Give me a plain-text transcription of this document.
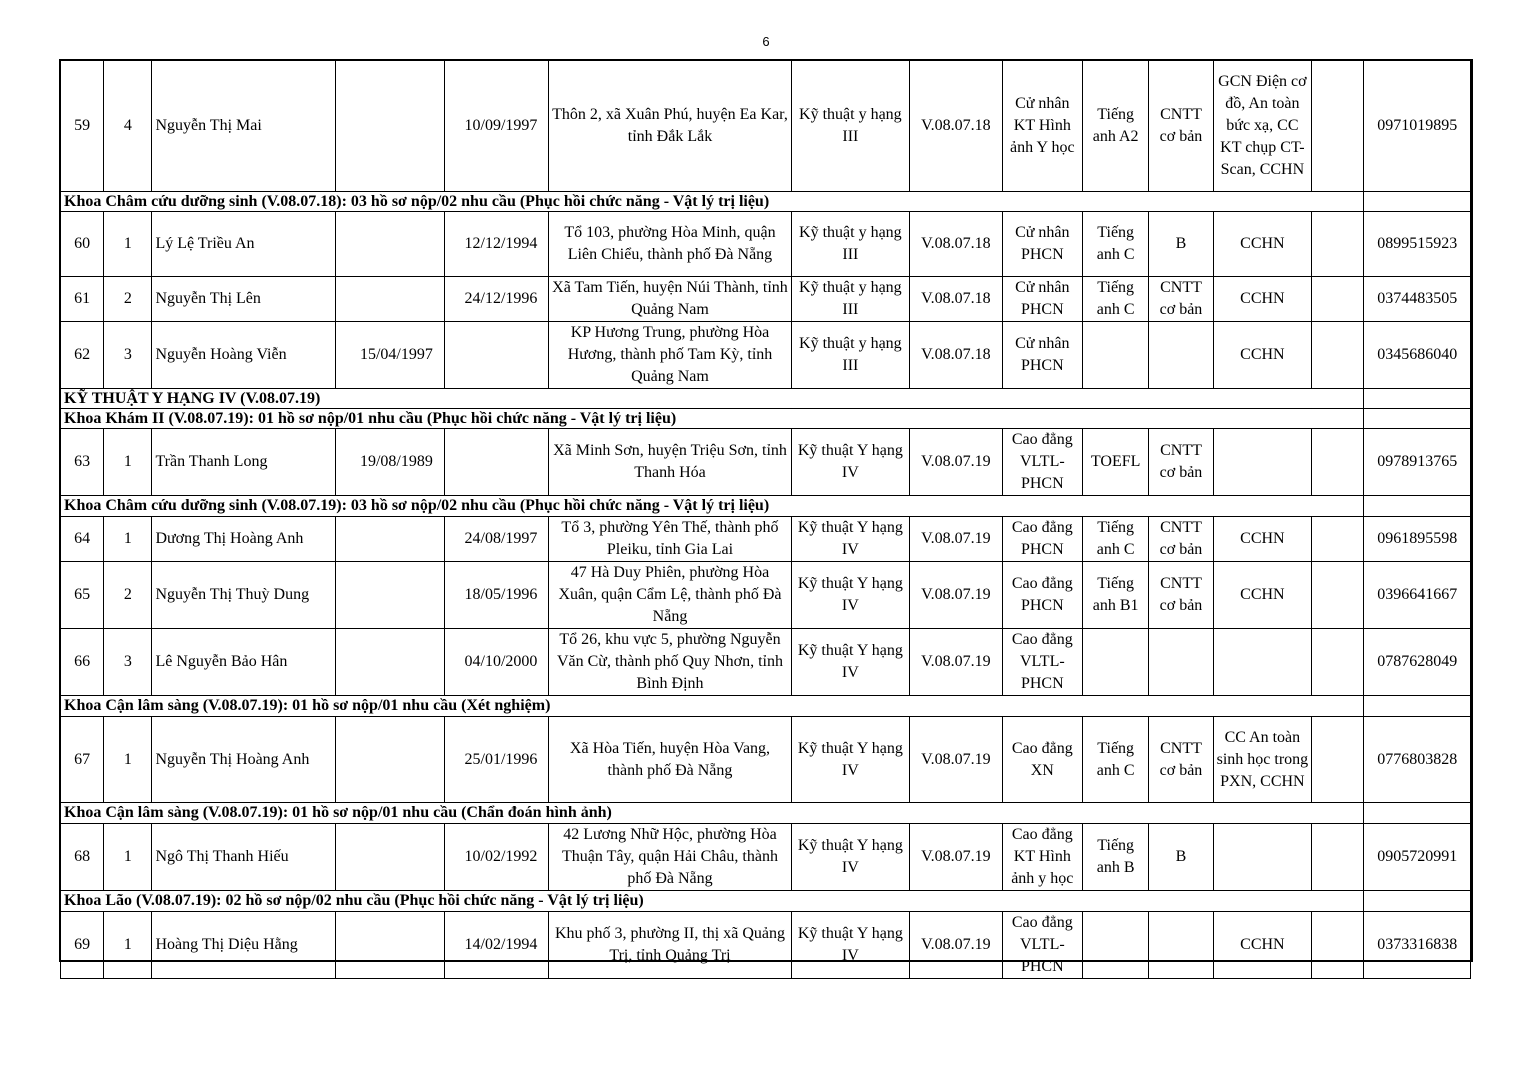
6
59	4	Nguyễn Thị Mai		10/09/1997	Thôn 2, xã Xuân Phú, huyện Ea Kar, tỉnh Đắk Lắk	Kỹ thuật y hạng III	V.08.07.18	Cử nhân KT Hình ảnh Y học	Tiếng anh A2	CNTT cơ bản	GCN Điện cơ đồ, An toàn bức xạ, CC KT chụp CT-Scan, CCHN		0971019895
Khoa Châm cứu dưỡng sinh (V.08.07.18): 03 hồ sơ nộp/02 nhu cầu (Phục hồi chức năng - Vật lý trị liệu)													
60	1	Lý Lệ Triều An		12/12/1994	Tổ 103, phường Hòa Minh, quận Liên Chiểu, thành phố Đà Nẵng	Kỹ thuật y hạng III	V.08.07.18	Cử nhân PHCN	Tiếng anh C	B	CCHN		0899515923
61	2	Nguyễn Thị Lên		24/12/1996	Xã Tam Tiến, huyện Núi Thành, tỉnh Quảng Nam	Kỹ thuật y hạng III	V.08.07.18	Cử nhân PHCN	Tiếng anh C	CNTT cơ bản	CCHN		0374483505
62	3	Nguyễn Hoàng Viễn	15/04/1997		KP Hương Trung, phường Hòa Hương, thành phố Tam Kỳ, tỉnh Quảng Nam	Kỹ thuật y hạng III	V.08.07.18	Cử nhân PHCN			CCHN		0345686040
KỸ THUẬT Y HẠNG IV (V.08.07.19)													
Khoa Khám II (V.08.07.19): 01 hồ sơ nộp/01 nhu cầu (Phục hồi chức năng - Vật lý trị liệu)													
63	1	Trần Thanh Long	19/08/1989		Xã Minh Sơn, huyện Triệu Sơn, tỉnh Thanh Hóa	Kỹ thuật Y hạng IV	V.08.07.19	Cao đẳng VLTL-PHCN	TOEFL	CNTT cơ bản			0978913765
Khoa Châm cứu dưỡng sinh (V.08.07.19): 03 hồ sơ nộp/02 nhu cầu (Phục hồi chức năng - Vật lý trị liệu)													
64	1	Dương Thị Hoàng Anh		24/08/1997	Tổ 3, phường Yên Thế, thành phố Pleiku, tỉnh Gia Lai	Kỹ thuật Y hạng IV	V.08.07.19	Cao đẳng PHCN	Tiếng anh C	CNTT cơ bản	CCHN		0961895598
65	2	Nguyễn Thị Thuỳ Dung		18/05/1996	47 Hà Duy Phiên, phường Hòa Xuân, quận Cẩm Lệ, thành phố Đà Nẵng	Kỹ thuật Y hạng IV	V.08.07.19	Cao đẳng PHCN	Tiếng anh B1	CNTT cơ bản	CCHN		0396641667
66	3	Lê Nguyễn Bảo Hân		04/10/2000	Tổ 26, khu vực 5, phường Nguyễn Văn Cừ, thành phố Quy Nhơn, tỉnh Bình Định	Kỹ thuật Y hạng IV	V.08.07.19	Cao đẳng VLTL-PHCN					0787628049
Khoa Cận lâm sàng (V.08.07.19): 01 hồ sơ nộp/01 nhu cầu (Xét nghiệm)													
67	1	Nguyễn Thị Hoàng Anh		25/01/1996	Xã Hòa Tiến, huyện Hòa Vang, thành phố Đà Nẵng	Kỹ thuật Y hạng IV	V.08.07.19	Cao đẳng XN	Tiếng anh C	CNTT cơ bản	CC An toàn sinh học trong PXN, CCHN		0776803828
Khoa Cận lâm sàng (V.08.07.19): 01 hồ sơ nộp/01 nhu cầu (Chẩn đoán hình ảnh)													
68	1	Ngô Thị Thanh Hiếu		10/02/1992	42 Lương Nhữ Hộc, phường Hòa Thuận Tây, quận Hải Châu, thành phố Đà Nẵng	Kỹ thuật Y hạng IV	V.08.07.19	Cao đẳng KT Hình ảnh y học	Tiếng anh B	B			0905720991
Khoa Lão (V.08.07.19): 02 hồ sơ nộp/02 nhu cầu (Phục hồi chức năng - Vật lý trị liệu)													
69	1	Hoàng Thị Diệu Hằng		14/02/1994	Khu phố 3, phường II, thị xã Quảng Trị, tỉnh Quảng Trị	Kỹ thuật Y hạng IV	V.08.07.19	Cao đẳng VLTL-PHCN			CCHN		0373316838
